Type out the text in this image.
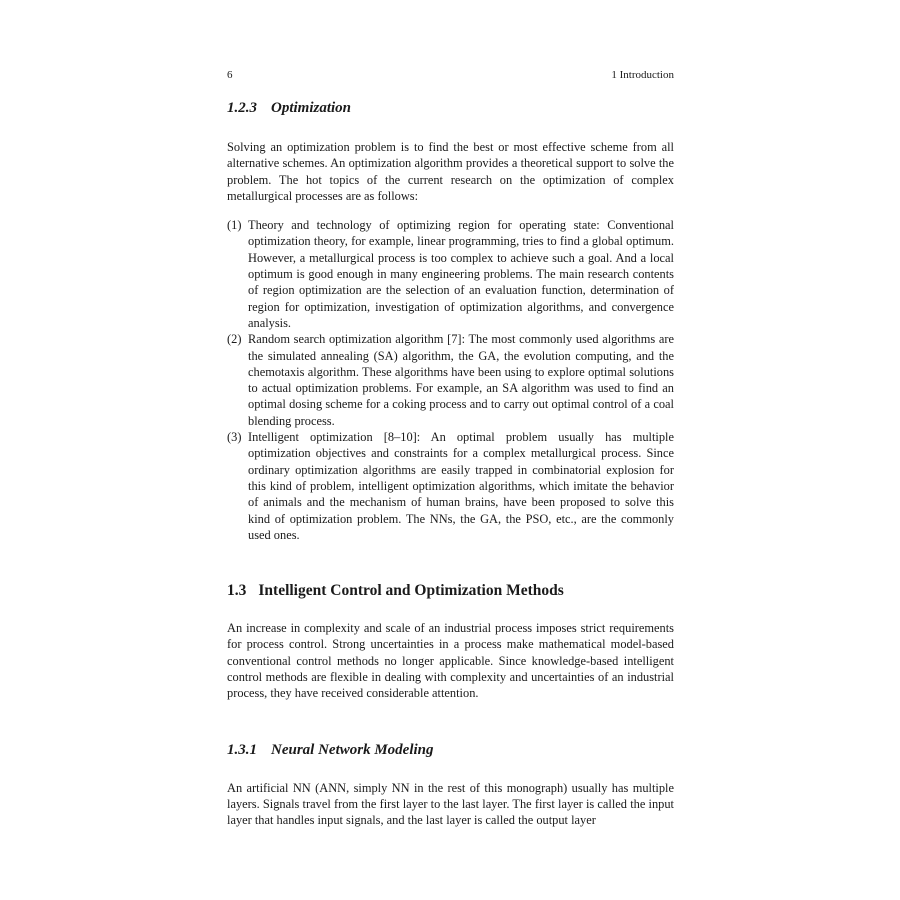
6	1 Introduction
1.2.3 Optimization

Solving an optimization problem is to find the best or most effective scheme from all alternative schemes. An optimization algorithm provides a theoretical support to solve the problem. The hot topics of the current research on the optimization of complex metallurgical processes are as follows:

(1) Theory and technology of optimizing region for operating state: Conventional optimization theory, for example, linear programming, tries to find a global optimum. However, a metallurgical process is too complex to achieve such a goal. And a local optimum is good enough in many engineering problems. The main research contents of region optimization are the selection of an evaluation function, determination of region for optimization, investigation of optimization algorithms, and convergence analysis.
(2) Random search optimization algorithm [7]: The most commonly used algorithms are the simulated annealing (SA) algorithm, the GA, the evolution computing, and the chemotaxis algorithm. These algorithms have been using to explore optimal solutions to actual optimization problems. For example, an SA algorithm was used to find an optimal dosing scheme for a coking process and to carry out optimal control of a coal blending process.
(3) Intelligent optimization [8–10]: An optimal problem usually has multiple optimization objectives and constraints for a complex metallurgical process. Since ordinary optimization algorithms are easily trapped in combinatorial explosion for this kind of problem, intelligent optimization algorithms, which imitate the behavior of animals and the mechanism of human brains, have been proposed to solve this kind of optimization problem. The NNs, the GA, the PSO, etc., are the commonly used ones.
1.3 Intelligent Control and Optimization Methods

An increase in complexity and scale of an industrial process imposes strict requirements for process control. Strong uncertainties in a process make mathematical model-based conventional control methods no longer applicable. Since knowledge-based intelligent control methods are flexible in dealing with complexity and uncertainties of an industrial process, they have received considerable attention.

1.3.1 Neural Network Modeling

An artificial NN (ANN, simply NN in the rest of this monograph) usually has multiple layers. Signals travel from the first layer to the last layer. The first layer is called the input layer that handles input signals, and the last layer is called the output layer
